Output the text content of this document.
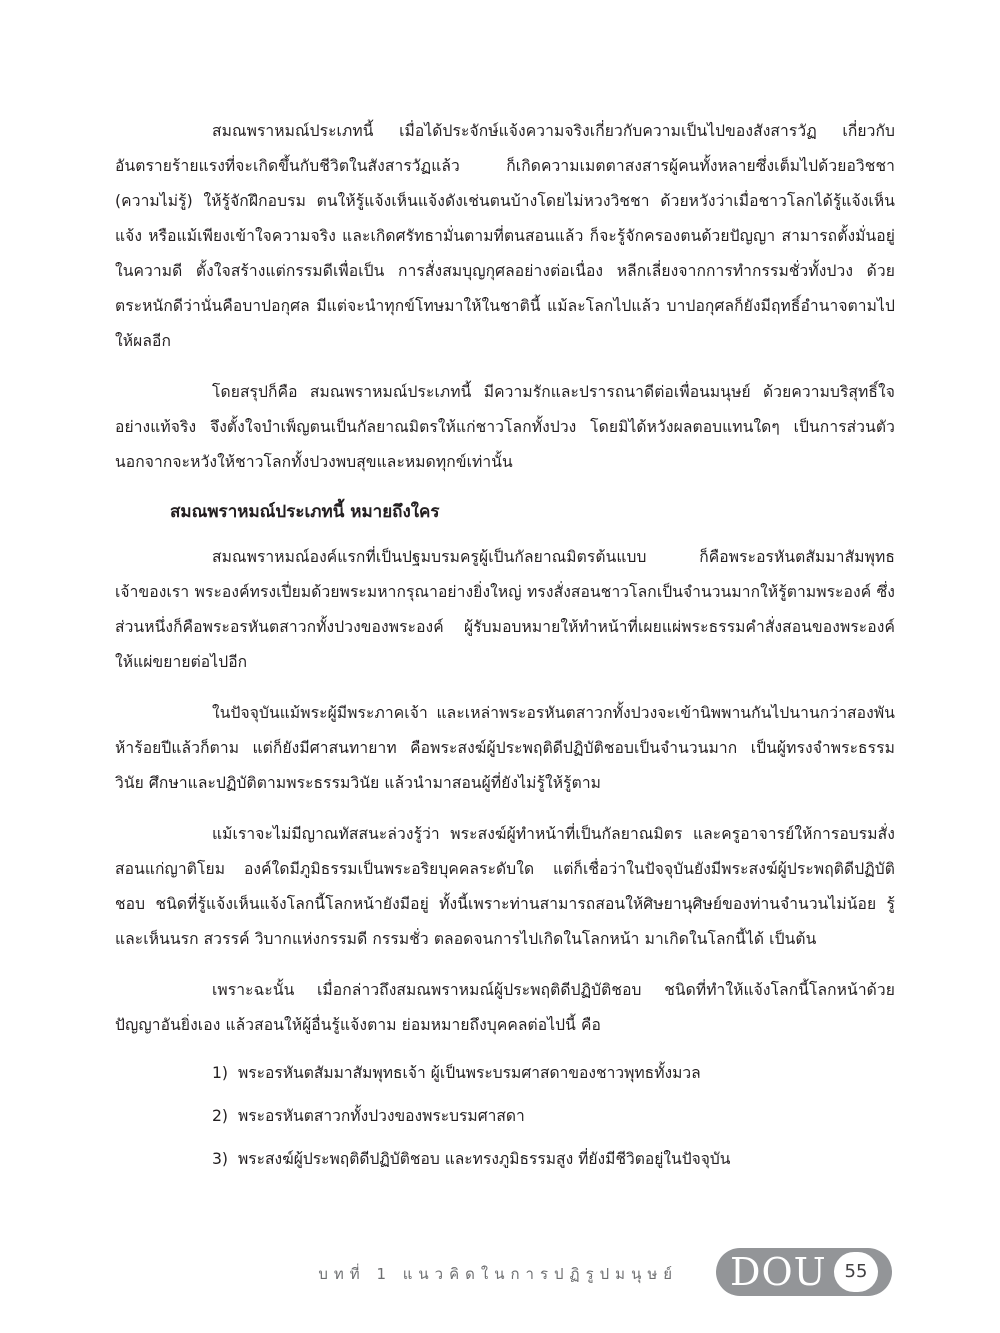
สมณพราหมณ์ประเภทนี้ เมื่อได้ประจักษ์แจ้งความจริงเกี่ยวกับความเป็นไปของสังสารวัฏ เกี่ยวกับอันตรายร้ายแรงที่จะเกิดขึ้นกับชีวิตในสังสารวัฏแล้ว ก็เกิดความเมตตาสงสารผู้คนทั้งหลายซึ่งเต็มไปด้วยอวิชชา (ความไม่รู้) ให้รู้จักฝึกอบรม ตนให้รู้แจ้งเห็นแจ้งดังเช่นตนบ้างโดยไม่หวงวิชชา ด้วยหวังว่าเมื่อชาวโลกได้รู้แจ้งเห็นแจ้ง หรือแม้เพียงเข้าใจความจริง และเกิดศรัทธามั่นตามที่ตนสอนแล้ว ก็จะรู้จักครองตนด้วยปัญญา สามารถตั้งมั่นอยู่ในความดี ตั้งใจสร้างแต่กรรมดีเพื่อเป็น การสั่งสมบุญกุศลอย่างต่อเนื่อง หลีกเลี่ยงจากการทำกรรมชั่วทั้งปวง ด้วยตระหนักดีว่านั่นคือบาปอกุศล มีแต่จะนำทุกข์โทษมาให้ในชาตินี้ แม้ละโลกไปแล้ว บาปอกุศลก็ยังมีฤทธิ์อำนาจตามไปให้ผลอีก

โดยสรุปก็คือ สมณพราหมณ์ประเภทนี้ มีความรักและปรารถนาดีต่อเพื่อนมนุษย์ ด้วยความบริสุทธิ์ใจอย่างแท้จริง จึงตั้งใจบำเพ็ญตนเป็นกัลยาณมิตรให้แก่ชาวโลกทั้งปวง โดยมิได้หวังผลตอบแทนใดๆ เป็นการส่วนตัว นอกจากจะหวังให้ชาวโลกทั้งปวงพบสุขและหมดทุกข์เท่านั้น

สมณพราหมณ์ประเภทนี้ หมายถึงใคร

สมณพราหมณ์องค์แรกที่เป็นปฐมบรมครูผู้เป็นกัลยาณมิตรต้นแบบ ก็คือพระอรหันตสัมมาสัมพุทธเจ้าของเรา พระองค์ทรงเปี่ยมด้วยพระมหากรุณาอย่างยิ่งใหญ่ ทรงสั่งสอนชาวโลกเป็นจำนวนมากให้รู้ตามพระองค์ ซึ่งส่วนหนึ่งก็คือพระอรหันตสาวกทั้งปวงของพระองค์ ผู้รับมอบหมายให้ทำหน้าที่เผยแผ่พระธรรมคำสั่งสอนของพระองค์ให้แผ่ขยายต่อไปอีก

ในปัจจุบันแม้พระผู้มีพระภาคเจ้า และเหล่าพระอรหันตสาวกทั้งปวงจะเข้านิพพานกันไปนานกว่าสองพันห้าร้อยปีแล้วก็ตาม แต่ก็ยังมีศาสนทายาท คือพระสงฆ์ผู้ประพฤติดีปฏิบัติชอบเป็นจำนวนมาก เป็นผู้ทรงจำพระธรรมวินัย ศึกษาและปฏิบัติตามพระธรรมวินัย แล้วนำมาสอนผู้ที่ยังไม่รู้ให้รู้ตาม

แม้เราจะไม่มีญาณทัสสนะล่วงรู้ว่า พระสงฆ์ผู้ทำหน้าที่เป็นกัลยาณมิตร และครูอาจารย์ให้การอบรมสั่งสอนแก่ญาติโยม องค์ใดมีภูมิธรรมเป็นพระอริยบุคคลระดับใด แต่ก็เชื่อว่าในปัจจุบันยังมีพระสงฆ์ผู้ประพฤติดีปฏิบัติชอบ ชนิดที่รู้แจ้งเห็นแจ้งโลกนี้โลกหน้ายังมีอยู่ ทั้งนี้เพราะท่านสามารถสอนให้ศิษยานุศิษย์ของท่านจำนวนไม่น้อย รู้และเห็นนรก สวรรค์ วิบากแห่งกรรมดี กรรมชั่ว ตลอดจนการไปเกิดในโลกหน้า มาเกิดในโลกนี้ได้ เป็นต้น

เพราะฉะนั้น เมื่อกล่าวถึงสมณพราหมณ์ผู้ประพฤติดีปฏิบัติชอบ ชนิดที่ทำให้แจ้งโลกนี้โลกหน้าด้วยปัญญาอันยิ่งเอง แล้วสอนให้ผู้อื่นรู้แจ้งตาม ย่อมหมายถึงบุคคลต่อไปนี้ คือ

1) พระอรหันตสัมมาสัมพุทธเจ้า ผู้เป็นพระบรมศาสดาของชาวพุทธทั้งมวล
2) พระอรหันตสาวกทั้งปวงของพระบรมศาสดา
3) พระสงฆ์ผู้ประพฤติดีปฏิบัติชอบ และทรงภูมิธรรมสูง ที่ยังมีชีวิตอยู่ในปัจจุบัน
บทที่ 1 แนวคิดในการปฏิรูปมนุษย์ DOU 55
